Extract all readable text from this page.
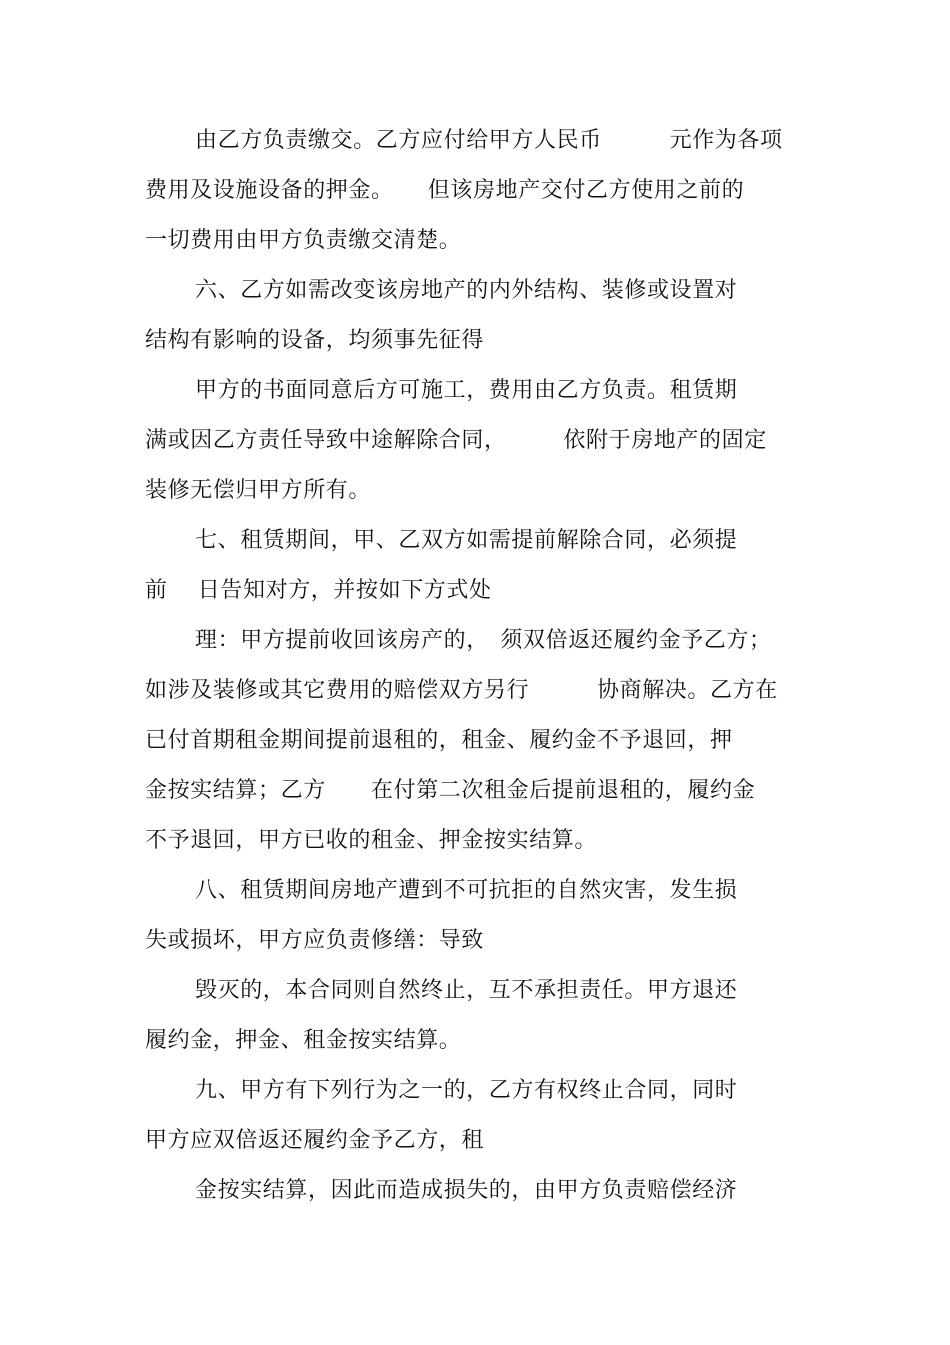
由乙方负责缴交。乙方应付给甲方人民币　　　元作为各项

费用及设施设备的押金。　　但该房地产交付乙方使用之前的

一切费用由甲方负责缴交清楚。

六、乙方如需改变该房地产的内外结构、装修或设置对

结构有影响的设备，均须事先征得

甲方的书面同意后方可施工，费用由乙方负责。租赁期

满或因乙方责任导致中途解除合同，　　　依附于房地产的固定

装修无偿归甲方所有。

七、租赁期间，甲、乙双方如需提前解除合同，必须提

前　 日告知对方，并按如下方式处

理：甲方提前收回该房产的，　须双倍返还履约金予乙方；

如涉及装修或其它费用的赔偿双方另行　　　协商解决。乙方在

已付首期租金期间提前退租的，租金、履约金不予退回，押

金按实结算；乙方　　在付第二次租金后提前退租的，履约金

不予退回，甲方已收的租金、押金按实结算。

八、租赁期间房地产遭到不可抗拒的自然灾害，发生损

失或损坏，甲方应负责修缮：导致

毁灭的，本合同则自然终止，互不承担责任。甲方退还

履约金，押金、租金按实结算。

九、甲方有下列行为之一的，乙方有权终止合同，同时

甲方应双倍返还履约金予乙方，租

金按实结算，因此而造成损失的，由甲方负责赔偿经济
